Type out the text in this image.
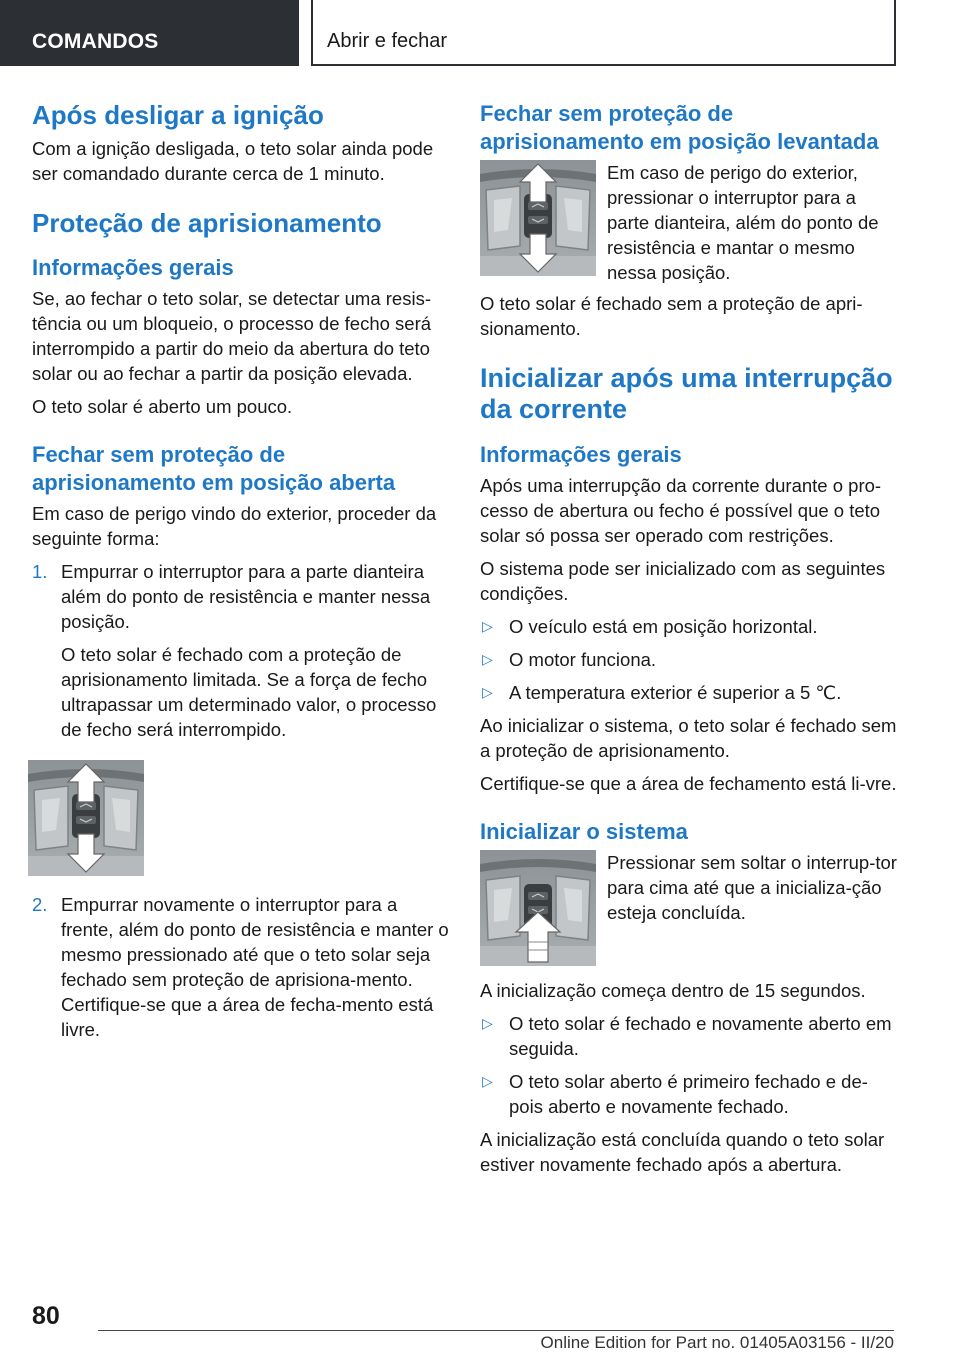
COMANDOS	Abrir e fechar
Após desligar a ignição

Com a ignição desligada, o teto solar ainda pode ser comandado durante cerca de 1 minuto.

Proteção de aprisionamento
Informações gerais

Se, ao fechar o teto solar, se detectar uma resis-tência ou um bloqueio, o processo de fecho será interrompido a partir do meio da abertura do teto solar ou ao fechar a partir da posição elevada.

O teto solar é aberto um pouco.

Fechar sem proteção de aprisionamento em posição aberta

Em caso de perigo vindo do exterior, proceder da seguinte forma:

1. Empurrar o interruptor para a parte dianteira além do ponto de resistência e manter nessa posição.

O teto solar é fechado com a proteção de aprisionamento limitada. Se a força de fecho ultrapassar um determinado valor, o processo de fecho será interrompido.

2. Empurrar novamente o interruptor para a frente, além do ponto de resistência e manter o mesmo pressionado até que o teto solar seja fechado sem proteção de aprisiona-mento. Certifique-se que a área de fecha-mento está livre.
Fechar sem proteção de aprisionamento em posição levantada
Em caso de perigo do exterior, pressionar o interruptor para a parte dianteira, além do ponto de resistência e mantar o mesmo nessa posição.

O teto solar é fechado sem a proteção de apri-sionamento.

Inicializar após uma interrupção da corrente
Informações gerais

Após uma interrupção da corrente durante o pro-cesso de abertura ou fecho é possível que o teto solar só possa ser operado com restrições.

O sistema pode ser inicializado com as seguintes condições.

▷ O veículo está em posição horizontal.
▷ O motor funciona.
▷ A temperatura exterior é superior a 5 ℃.

Ao inicializar o sistema, o teto solar é fechado sem a proteção de aprisionamento.

Certifique-se que a área de fechamento está li-vre.

Inicializar o sistema
Pressionar sem soltar o interrup-tor para cima até que a inicializa-ção esteja concluída.

A inicialização começa dentro de 15 segundos.

▷ O teto solar é fechado e novamente aberto em seguida.
▷ O teto solar aberto é primeiro fechado e de-pois aberto e novamente fechado.

A inicialização está concluída quando o teto solar estiver novamente fechado após a abertura.

80
Online Edition for Part no. 01405A03156 - II/20
